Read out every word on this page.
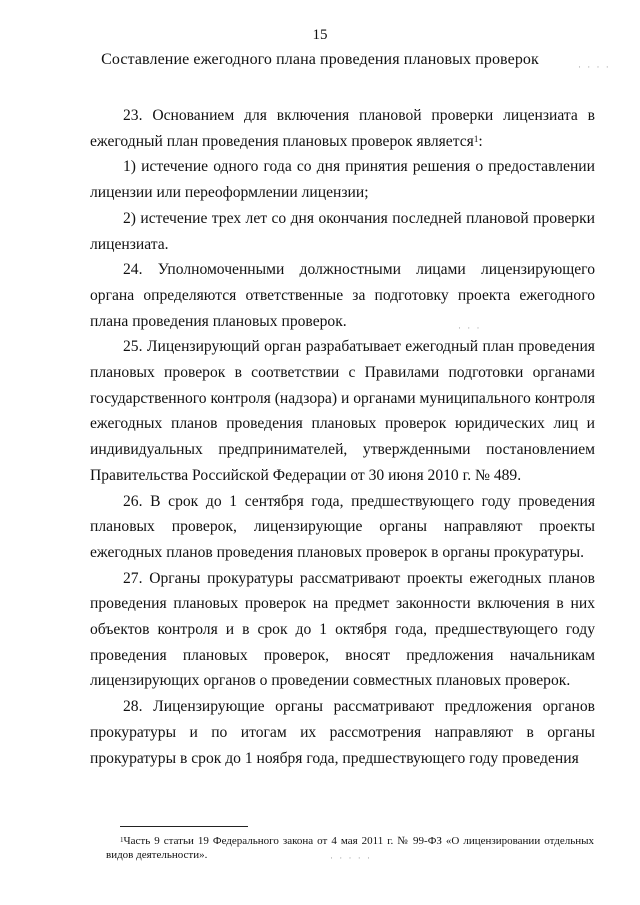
15
Составление ежегодного плана проведения плановых проверок

23. Основанием для включения плановой проверки лицензиата в ежегодный план проведения плановых проверок является$^1$:

1) истечение одного года со дня принятия решения о предоставлении лицензии или переоформлении лицензии;

2) истечение трех лет со дня окончания последней плановой проверки лицензиата.

24. Уполномоченными должностными лицами лицензирующего органа определяются ответственные за подготовку проекта ежегодного плана проведения плановых проверок.

25. Лицензирующий орган разрабатывает ежегодный план проведения плановых проверок в соответствии с Правилами подготовки органами государственного контроля (надзора) и органами муниципального контроля ежегодных планов проведения плановых проверок юридических лиц и индивидуальных предпринимателей, утвержденными постановлением Правительства Российской Федерации от 30 июня 2010 г. № 489.

26. В срок до 1 сентября года, предшествующего году проведения плановых проверок, лицензирующие органы направляют проекты ежегодных планов проведения плановых проверок в органы прокуратуры.

27. Органы прокуратуры рассматривают проекты ежегодных планов проведения плановых проверок на предмет законности включения в них объектов контроля и в срок до 1 октября года, предшествующего году проведения плановых проверок, вносят предложения начальникам лицензирующих органов о проведении совместных плановых проверок.

28. Лицензирующие органы рассматривают предложения органов прокуратуры и по итогам их рассмотрения направляют в органы прокуратуры в срок до 1 ноября года, предшествующего году проведения

$^1$Часть 9 статьи 19 Федерального закона от 4 мая 2011 г. № 99-ФЗ «О лицензировании отдельных видов деятельности».
· · · ·
· · ·
· · · · ·
